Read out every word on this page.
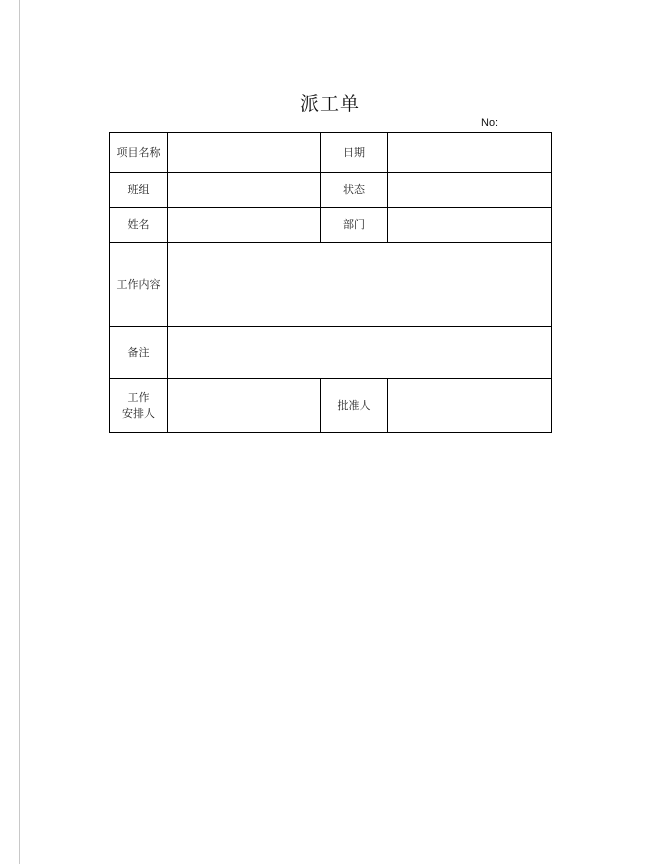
派工单
No:
项目名称		日期	
班组		状态	
姓名		部门	
工作内容			
备注			

工作
安排人		批准人	
